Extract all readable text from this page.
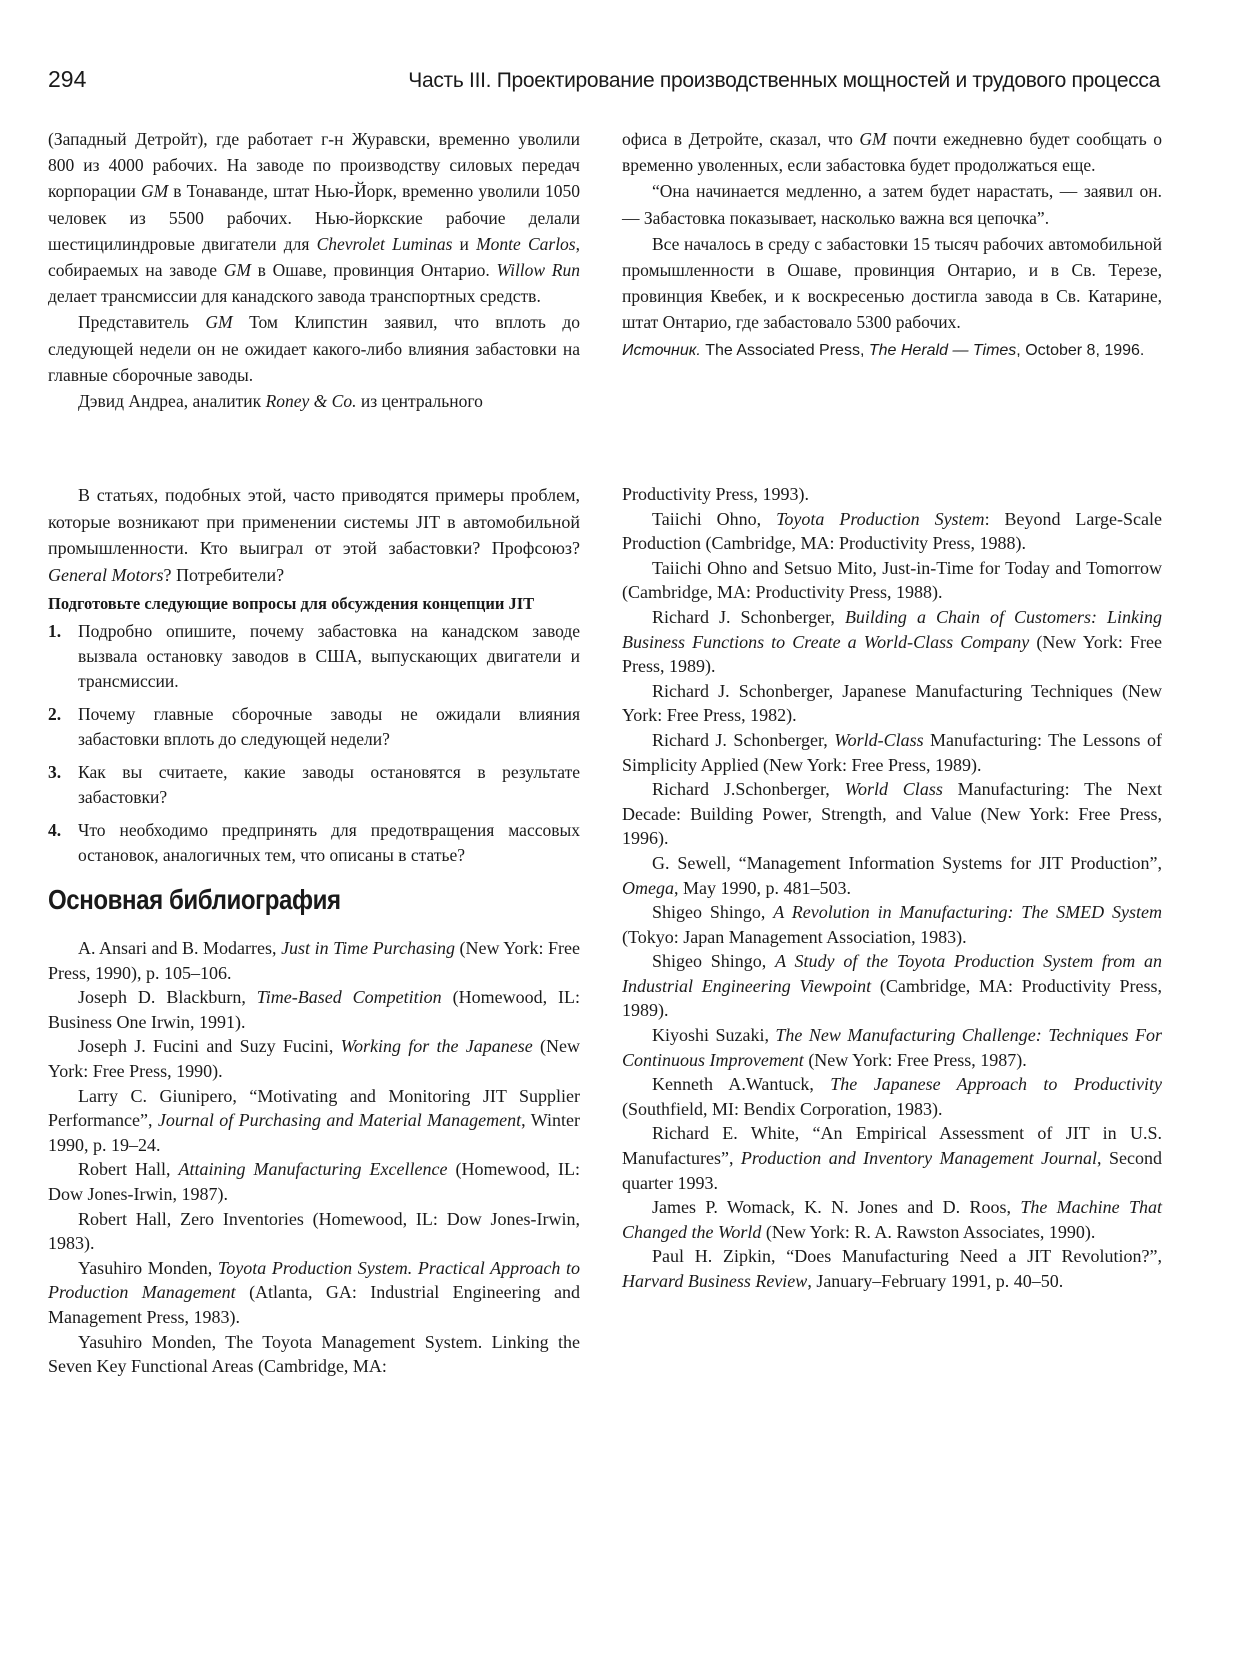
294	Часть III. Проектирование производственных мощностей и трудового процесса

(Западный Детройт), где работает г-н Журавски, временно уволили 800 из 4000 рабочих. На заводе по производству силовых передач корпорации GM в Тонаванде, штат Нью-Йорк, временно уволили 1050 человек из 5500 рабочих. Нью-йоркские рабочие делали шестицилиндровые двигатели для Chevrolet Luminas и Monte Carlos, собираемых на заводе GM в Ошаве, провинция Онтарио. Willow Run делает трансмиссии для канадского завода транспортных средств.

Представитель GM Том Клипстин заявил, что вплоть до следующей недели он не ожидает какого-либо влияния забастовки на главные сборочные заводы.

Дэвид Андреа, аналитик Roney & Co. из центрального

офиса в Детройте, сказал, что GM почти ежедневно будет сообщать о временно уволенных, если забастовка будет продолжаться еще.

“Она начинается медленно, а затем будет нарастать, — заявил он. — Забастовка показывает, насколько важна вся цепочка”.

Все началось в среду с забастовки 15 тысяч рабочих автомобильной промышленности в Ошаве, провинция Онтарио, и в Св. Терезе, провинция Квебек, и к воскресенью достигла завода в Св. Катарине, штат Онтарио, где забастовало 5300 рабочих.

Источник. The Associated Press, The Herald — Times, October 8, 1996.

В статьях, подобных этой, часто приводятся примеры проблем, которые возникают при применении системы JIT в автомобильной промышленности. Кто выиграл от этой забастовки? Профсоюз? General Motors? Потребители?

Подготовьте следующие вопросы для обсуждения концепции JIT

1. Подробно опишите, почему забастовка на канадском заводе вызвала остановку заводов в США, выпускающих двигатели и трансмиссии.
2. Почему главные сборочные заводы не ожидали влияния забастовки вплоть до следующей недели?
3. Как вы считаете, какие заводы остановятся в результате забастовки?
4. Что необходимо предпринять для предотвращения массовых остановок, аналогичных тем, что описаны в статье?
Основная библиография

A. Ansari and B. Modarres, Just in Time Purchasing (New York: Free Press, 1990), p. 105–106.

Joseph D. Blackburn, Time-Based Competition (Homewood, IL: Business One Irwin, 1991).

Joseph J. Fucini and Suzy Fucini, Working for the Japanese (New York: Free Press, 1990).

Larry C. Giunipero, “Motivating and Monitoring JIT Supplier Performance”, Journal of Purchasing and Material Management, Winter 1990, p. 19–24.

Robert Hall, Attaining Manufacturing Excellence (Homewood, IL: Dow Jones-Irwin, 1987).

Robert Hall, Zero Inventories (Homewood, IL: Dow Jones-Irwin, 1983).

Yasuhiro Monden, Toyota Production System. Practical Approach to Production Management (Atlanta, GA: Industrial Engineering and Management Press, 1983).

Yasuhiro Monden, The Toyota Management System. Linking the Seven Key Functional Areas (Cambridge, MA:

Productivity Press, 1993).

Taiichi Ohno, Toyota Production System: Beyond Large-Scale Production (Cambridge, MA: Productivity Press, 1988).

Taiichi Ohno and Setsuo Mito, Just-in-Time for Today and Tomorrow (Cambridge, MA: Productivity Press, 1988).

Richard J. Schonberger, Building a Chain of Customers: Linking Business Functions to Create a World-Class Company (New York: Free Press, 1989).

Richard J. Schonberger, Japanese Manufacturing Techniques (New York: Free Press, 1982).

Richard J. Schonberger, World-Class Manufacturing: The Lessons of Simplicity Applied (New York: Free Press, 1989).

Richard J.Schonberger, World Class Manufacturing: The Next Decade: Building Power, Strength, and Value (New York: Free Press, 1996).

G. Sewell, “Management Information Systems for JIT Production”, Omega, May 1990, p. 481–503.

Shigeo Shingo, A Revolution in Manufacturing: The SMED System (Tokyo: Japan Management Association, 1983).

Shigeo Shingo, A Study of the Toyota Production System from an Industrial Engineering Viewpoint (Cambridge, MA: Productivity Press, 1989).

Kiyoshi Suzaki, The New Manufacturing Challenge: Techniques For Continuous Improvement (New York: Free Press, 1987).

Kenneth A.Wantuck, The Japanese Approach to Productivity (Southfield, MI: Bendix Corporation, 1983).

Richard E. White, “An Empirical Assessment of JIT in U.S. Manufactures”, Production and Inventory Management Journal, Second quarter 1993.

James P. Womack, K. N. Jones and D. Roos, The Machine That Changed the World (New York: R. A. Rawston Associates, 1990).

Paul H. Zipkin, “Does Manufacturing Need a JIT Revolution?”, Harvard Business Review, January–February 1991, p. 40–50.
